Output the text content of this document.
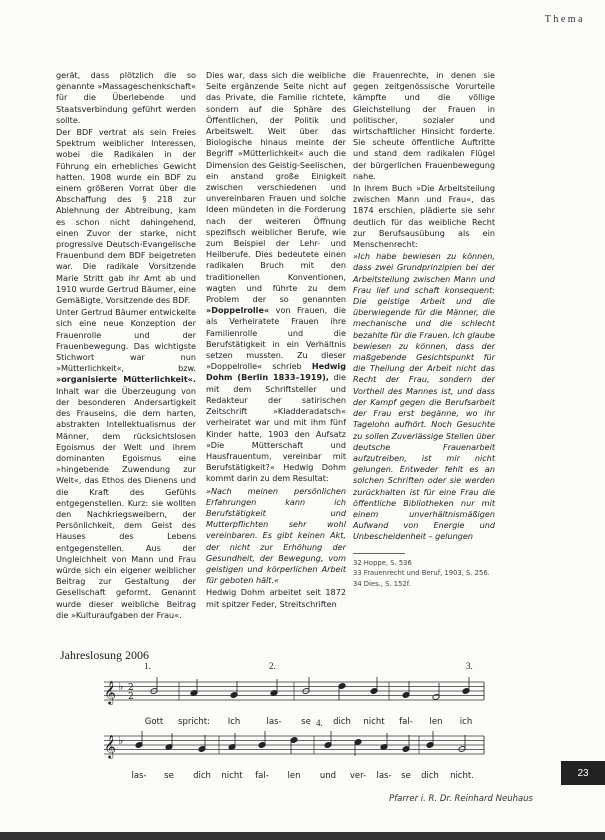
Thema

gerät, dass plötzlich die so genannte »Massageschenkschaft« für die Überlebende und Staatsverbindung geführt werden sollte.

Der BDF vertrat als sein Freies Spektrum weiblicher Interessen, wobei die Radikalen in der Führung ein erhebliches Gewicht hatten. 1908 wurde ein BDF zu einem größeren Vorrat über die Abschaffung des § 218 zur Ablehnung der Abtreibung, kam es schon nicht dahingehend, einen Zuvor der starke, nicht progressive Deutsch-Evangelische Frauenbund dem BDF beigetreten war. Die radikale Vorsitzende Marie Stritt gab ihr Amt ab und 1910 wurde Gertrud Bäumer, eine Gemäßigte, Vorsitzende des BDF.

Unter Gertrud Bäumer entwickelte sich eine neue Konzeption der Frauenrolle und der Frauenbewegung. Das wichtigste Stichwort war nun »Mütterlichkeit«, bzw. »organisierte Mütterlichkeit«. Inhalt war die Überzeugung von der besonderen Andersartigkeit des Frauseins, die dem harten, abstrakten Intellektualismus der Männer, dem rücksichtslosen Egoismus der Welt und ihrem dominanten Egoismus eine »hingebende Zuwendung zur Welt«, das Ethos des Dienens und die Kraft des Gefühls entgegenstellen. Kurz: sie wollten den Nachkriegsweibern, der Persönlichkeit, dem Geist des Hauses des Lebens entgegenstellen. Aus der Ungleichheit von Mann und Frau würde sich ein eigener weiblicher Beitrag zur Gestaltung der Gesellschaft geformt. Genannt wurde dieser weibliche Beitrag die »Kulturaufgaben der Frau«.

Dies war, dass sich die weibliche Seite ergänzende Seite nicht auf das Private, die Familie richtete, sondern auf die Sphäre des Öffentlichen, der Politik und Arbeitswelt. Weit über das Biologische hinaus meinte der Begriff »Mütterlichkeit« auch die Dimension des Geistig-Seelischen, ein anstand große Einigkeit zwischen verschiedenen und unvereinbaren Frauen und solche Ideen mündeten in die Forderung nach der weiteren Öffnung spezifisch weiblicher Berufe, wie zum Beispiel der Lehr- und Heilberufe. Dies bedeutete einen radikalen Bruch mit den traditionellen Konventionen, wagten und führte zu dem Problem der so genannten »Doppelrolle« von Frauen, die als Verheiratete Frauen ihre Familienrolle und die Berufstätigkeit in ein Verhältnis setzen mussten. Zu dieser »Doppelrolle« schrieb Hedwig Dohm (Berlin 1833–1919), die mit dem Schriftsteller und Redakteur der satirischen Zeitschrift »Kladderadatsch« verheiratet war und mit ihm fünf Kinder hatte, 1903 den Aufsatz »Die Mütterschaft und Hausfrauentum, vereinbar mit Berufstätigkeit?« Hedwig Dohm kommt darin zu dem Resultat:

»Nach meinen persönlichen Erfahrungen kann ich Berufstätigkeit und Mutterpflichten sehr wohl vereinbaren. Es gibt keinen Akt, der nicht zur Erhöhung der Gesundheit, der Bewegung, vom geistigen und körperlichen Arbeit für geboten hält.«

Hedwig Dohm arbeitet seit 1872 mit spitzer Feder, Streitschriften

die Frauenrechte, in denen sie gegen zeitgenössische Vorurteile kämpfte und die völlige Gleichstellung der Frauen in politischer, sozialer und wirtschaftlicher Hinsicht forderte. Sie scheute öffentliche Auftritte und stand dem radikalen Flügel der bürgerlichen Frauenbewegung nahe.

In ihrem Buch »Die Arbeitsteilung zwischen Mann und Frau«, das 1874 erschien, plädierte sie sehr deutlich für das weibliche Recht zur Berufsausübung als ein Menschenrecht:

»Ich habe bewiesen zu können, dass zwei Grundprinzipien bei der Arbeitsteilung zwischen Mann und Frau lief und schaft konsequent: Die geistige Arbeit und die überwiegende für die Männer, die mechanische und die schlecht bezahlte für die Frauen. Ich glaube bewiesen zu können, dass der maßgebende Gesichtspunkt für die Theilung der Arbeit nicht das Recht der Frau, sondern der Vortheil des Mannes ist, und dass der Kampf gegen die Berufsarbeit der Frau erst begänne, wo ihr Tagelohn aufhört. Noch Gesuchte zu sollen Zuverlässige Stellen über deutsche Frauenarbeit aufzutreiben, ist mir nicht gelungen. Entweder fehlt es an solchen Schriften oder sie werden zurückhalten ist für eine Frau die öffentliche Bibliotheken nur mit einem unverhältnismäßigen Aufwand von Energie und Unbescheidenheit – gelungen

32 Hoppe, S. 536

33 Frauenrecht und Beruf, 1903, S. 256.

34 Dies., S. 152f.

Jahreslosung 2006
𝄞 ♭ 2
2
Gott spricht: Ich	las- se	dich nicht fal- len ich
𝄞 ♭
las- se dich nicht fal- len und ver- las- se dich nicht.
1.	2.	3.
4.
Pfarrer i. R. Dr. Reinhard Neuhaus
23
